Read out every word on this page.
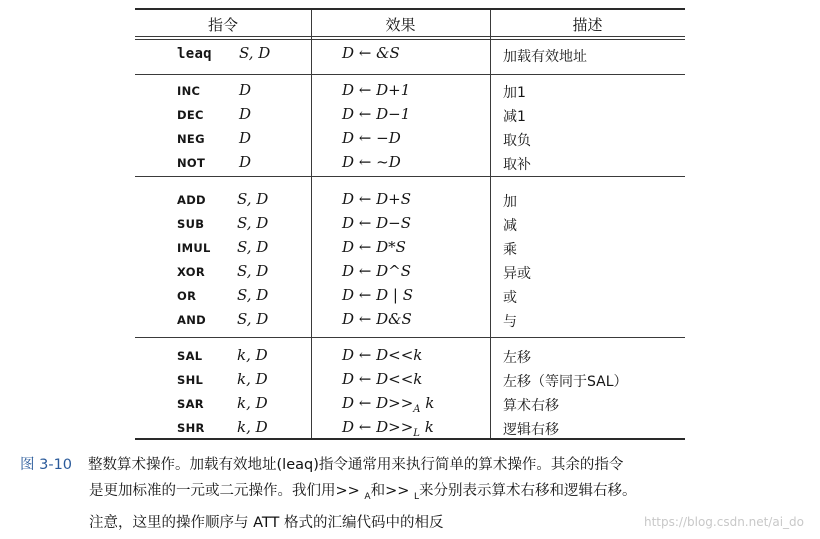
指令	效果	描述
leaq S, D	D ← &S	加载有效地址
INC	D	D ← D+1	加1
DEC D	D ← D−1	减1
NEG D	D ← −D	取负
NOT D	D ← ~D	取补
ADD S, D	D ← D+S	加
SUB S, D	D ← D−S	减
IMUL S, D	D ← D*S	乘
XOR S, D	D ← D^S	异或
OR	S, D	D ← D | S	或
AND S, D	D ← D&S	与
SAL k, D	D ← D<<k	左移
SHL k, D	D ← D<<k	左移（等同于SAL）
SAR k, D	D ← $D>>_A$ k	算术右移
SHR k, D	D ← $D>>_L$ k	逻辑右移
图 3-10 整数算术操作。加载有效地址(leaq)指令通常用来执行简单的算术操作。其余的指令
是更加标准的一元或二元操作。我们用>> $_A$和>> $_L$来分别表示算术右移和逻辑右移。
注意，这里的操作顺序与 ATT 格式的汇编代码中的相反	https://blog.csdn.net/ai_do
